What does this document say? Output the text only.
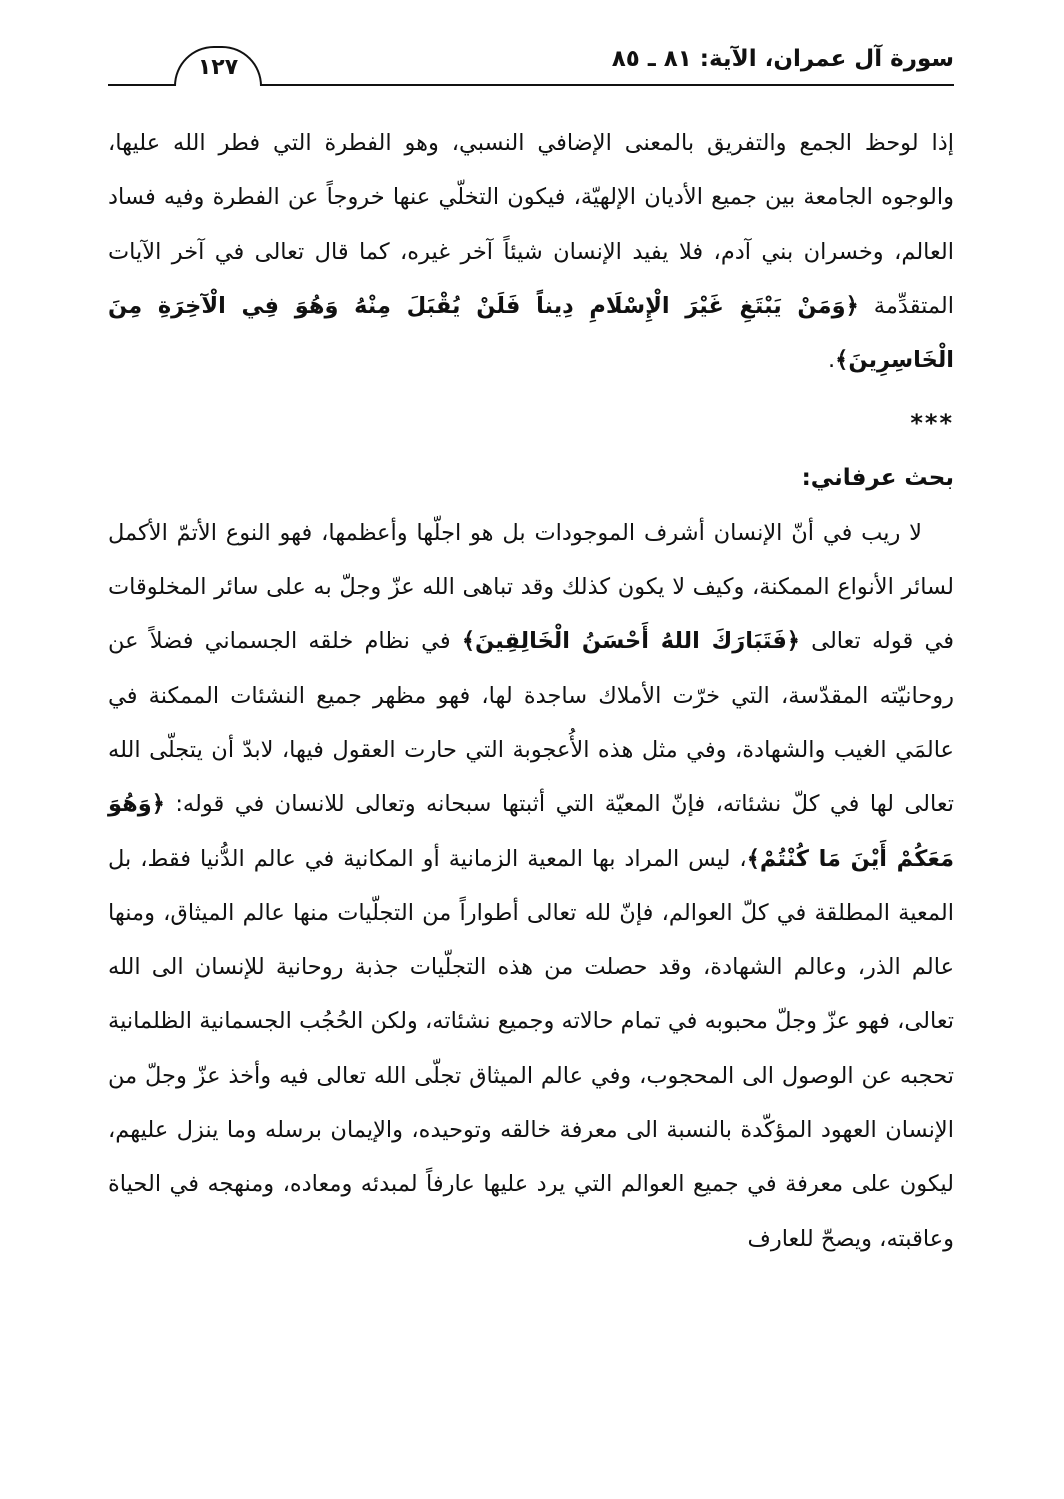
سورة آل عمران، الآية: ٨١ ـ ٨٥
١٢٧

إذا لوحظ الجمع والتفريق بالمعنى الإضافي النسبي، وهو الفطرة التي فطر الله عليها، والوجوه الجامعة بين جميع الأديان الإلهيّة، فيكون التخلّي عنها خروجاً عن الفطرة وفيه فساد العالم، وخسران بني آدم، فلا يفيد الإنسان شيئاً آخر غيره، كما قال تعالى في آخر الآيات المتقدِّمة ﴿وَمَنْ يَبْتَغِ غَيْرَ الْإِسْلَامِ دِيناً فَلَنْ يُقْبَلَ مِنْهُ وَهُوَ فِي الْآخِرَةِ مِنَ الْخَاسِرِينَ﴾.

***
بحث عرفاني:

لا ريب في أنّ الإنسان أشرف الموجودات بل هو اجلّها وأعظمها، فهو النوع الأتمّ الأكمل لسائر الأنواع الممكنة، وكيف لا يكون كذلك وقد تباهى الله عزّ وجلّ به على سائر المخلوقات في قوله تعالى ﴿فَتَبَارَكَ اللهُ أَحْسَنُ الْخَالِقِينَ﴾ في نظام خلقه الجسماني فضلاً عن روحانيّته المقدّسة، التي خرّت الأملاك ساجدة لها، فهو مظهر جميع النشئات الممكنة في عالمَي الغيب والشهادة، وفي مثل هذه الأُعجوبة التي حارت العقول فيها، لابدّ أن يتجلّى الله تعالى لها في كلّ نشئاته، فإنّ المعيّة التي أثبتها سبحانه وتعالى للانسان في قوله: ﴿وَهُوَ مَعَكُمْ أَيْنَ مَا كُنْتُمْ﴾، ليس المراد بها المعية الزمانية أو المكانية في عالم الدُّنيا فقط، بل المعية المطلقة في كلّ العوالم، فإنّ لله تعالى أطواراً من التجلّيات منها عالم الميثاق، ومنها عالم الذر، وعالم الشهادة، وقد حصلت من هذه التجلّيات جذبة روحانية للإنسان الى الله تعالى، فهو عزّ وجلّ محبوبه في تمام حالاته وجميع نشئاته، ولكن الحُجُب الجسمانية الظلمانية تحجبه عن الوصول الى المحجوب، وفي عالم الميثاق تجلّى الله تعالى فيه وأخذ عزّ وجلّ من الإنسان العهود المؤكّدة بالنسبة الى معرفة خالقه وتوحيده، والإيمان برسله وما ينزل عليهم، ليكون على معرفة في جميع العوالم التي يرد عليها عارفاً لمبدئه ومعاده، ومنهجه في الحياة وعاقبته، ويصحّ للعارف
